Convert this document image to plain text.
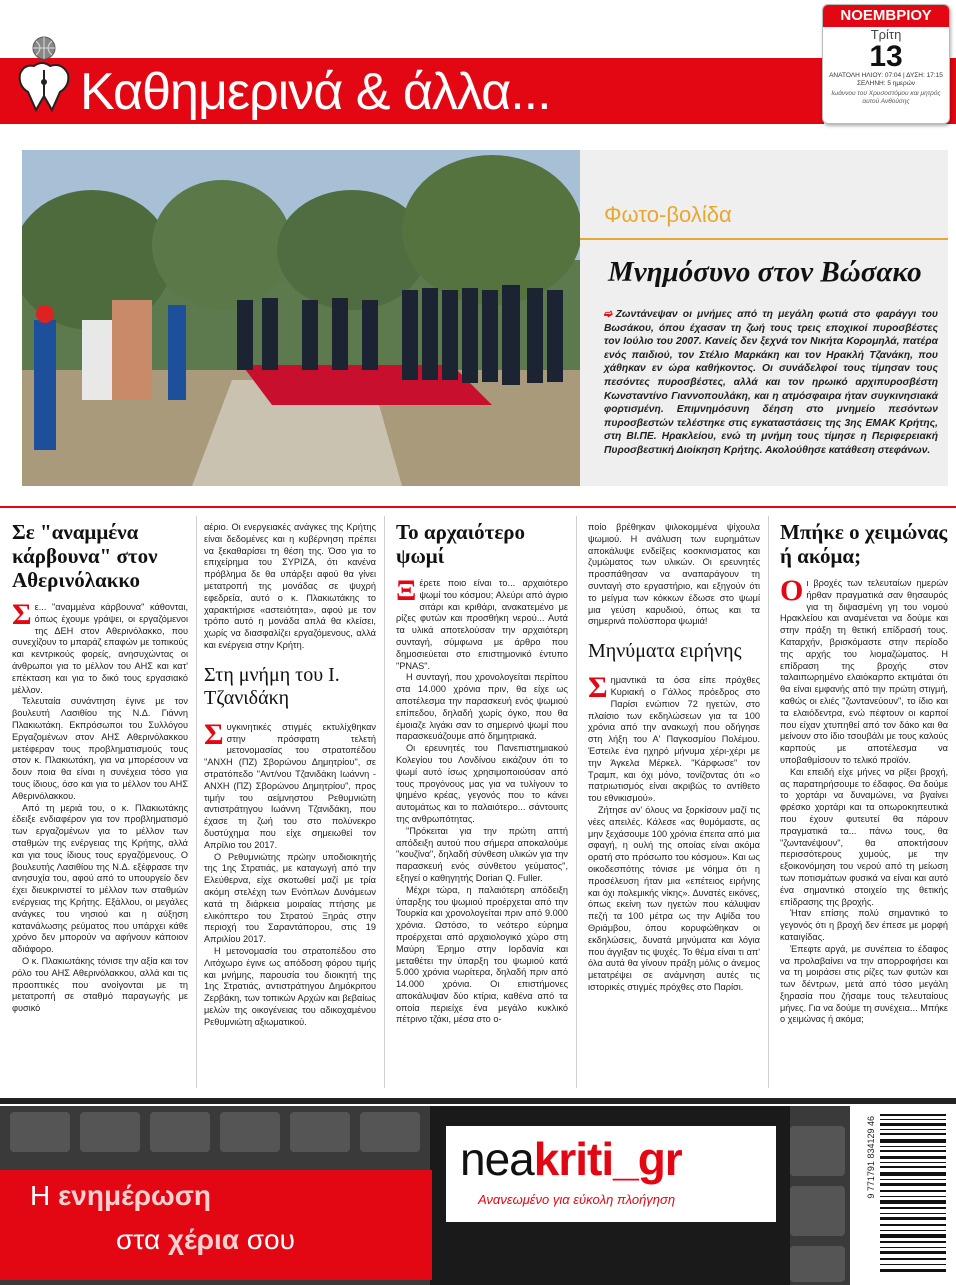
Καθημερινά & άλλα...
ΝΟΕΜΒΡΙΟΥ
Τρίτη
13
ΑΝΑΤΟΛΗ ΗΛΙΟΥ: 07:04 | ΔΥΣΗ: 17:15
ΣΕΛΗΝΗ: 5 ημερών
Ιωάννου του Χρυσοστόμου και μητρός αυτού Ανθούσης
Φωτο-βολίδα
Μνημόσυνο στον Βώσακο
➫ Ζωντάνεψαν οι μνήμες από τη μεγάλη φωτιά στο φαράγγι του Βωσάκου, όπου έχασαν τη ζωή τους τρεις εποχικοί πυροσβέστες τον Ιούλιο του 2007. Κανείς δεν ξεχνά τον Νικήτα Κορομηλά, πατέρα ενός παιδιού, τον Στέλιο Μαρκάκη και τον Ηρακλή Τζανάκη, που χάθηκαν εν ώρα καθήκοντος. Οι συνάδελφοί τους τίμησαν τους πεσόντες πυροσβέστες, αλλά και τον ηρωικό αρχιπυροσβέστη Κωνσταντίνο Γιαννοπουλάκη, και η ατμόσφαιρα ήταν συγκινησιακά φορτισμένη. Επιμνημόσυνη δέηση στο μνημείο πεσόντων πυροσβεστών τελέστηκε στις εγκαταστάσεις της 3ης ΕΜΑΚ Κρήτης, στη ΒΙ.ΠΕ. Ηρακλείου, ενώ τη μνήμη τους τίμησε η Περιφερειακή Πυροσβεστική Διοίκηση Κρήτης. Ακολούθησε κατάθεση στεφάνων.
Σε "αναμμένα κάρβουνα" στον Αθερινόλακκο

Σε... "αναμμένα κάρβουνα" κάθονται, όπως έχουμε γράψει, οι εργαζόμενοι της ΔΕΗ στον Αθερινόλακκο, που συνεχίζουν το μπαράζ επαφών με τοπικούς και κεντρικούς φορείς, ανησυχώντας οι άνθρωποι για το μέλλον του ΑΗΣ και κατ' επέκταση και για το δικό τους εργασιακό μέλλον.

Τελευταία συνάντηση έγινε με τον βουλευτή Λασιθίου της Ν.Δ. Γιάννη Πλακιωτάκη. Εκπρόσωποι του Συλλόγου Εργαζομένων στον ΑΗΣ Αθερινόλακκου μετέφεραν τους προβληματισμούς τους στον κ. Πλακιωτάκη, για να μπορέσουν να δουν ποια θα είναι η συνέχεια τόσο για τους ίδιους, όσο και για το μέλλον του ΑΗΣ Αθερινόλακκου.

Από τη μεριά του, ο κ. Πλακιωτάκης έδειξε ενδιαφέρον για τον προβληματισμό των εργαζομένων για το μέλλον των σταθμών της ενέργειας της Κρήτης, αλλά και για τους ίδιους τους εργαζόμενους. Ο βουλευτής Λασιθίου της Ν.Δ. εξέφρασε την ανησυχία του, αφού από το υπουργείο δεν έχει διευκρινιστεί το μέλλον των σταθμών ενέργειας της Κρήτης. Εξάλλου, οι μεγάλες ανάγκες του νησιού και η αύξηση κατανάλωσης ρεύματος που υπάρχει κάθε χρόνο δεν μπορούν να αφήνουν κάποιον αδιάφορο.

Ο κ. Πλακιωτάκης τόνισε την αξία και τον ρόλο του ΑΗΣ Αθερινόλακκου, αλλά και τις προοπτικές που ανοίγονται με τη μετατροπή σε σταθμό παραγωγής με φυσικό

αέριο. Οι ενεργειακές ανάγκες της Κρήτης είναι δεδομένες και η κυβέρνηση πρέπει να ξεκαθαρίσει τη θέση της. Όσο για το επιχείρημα του ΣΥΡΙΖΑ, ότι κανένα πρόβλημα δε θα υπάρξει αφού θα γίνει μετατροπή της μονάδας σε ψυχρή εφεδρεία, αυτό ο κ. Πλακιωτάκης το χαρακτήρισε «αστειότητα», αφού με τον τρόπο αυτό η μονάδα απλά θα κλείσει, χωρίς να διασφαλίζει εργαζόμενους, αλλά και ενέργεια στην Κρήτη.

Στη μνήμη του Ι. Τζανιδάκη

Συγκινητικές στιγμές εκτυλίχθηκαν στην πρόσφατη τελετή μετονομασίας του στρατοπέδου "ΑΝΧΗ (ΠΖ) Σβορώνου Δημητρίου", σε στρατόπεδο "Αντ/νου Τζανιδάκη Ιωάννη - ΑΝΧΗ (ΠΖ) Σβορώνου Δημητρίου", προς τιμήν του αείμνηστου Ρεθυμνιώτη αντιστράτηγου Ιωάννη Τζανιδάκη, που έχασε τη ζωή του στο πολύνεκρο δυστύχημα που είχε σημειωθεί τον Απρίλιο του 2017.

Ο Ρεθυμνιώτης πρώην υποδιοικητής της 1ης Στρατιάς, με καταγωγή από την Ελεύθερνα, είχε σκοτωθεί μαζί με τρία ακόμη στελέχη των Ενόπλων Δυνάμεων κατά τη διάρκεια μοιραίας πτήσης με ελικόπτερο του Στρατού Ξηράς στην περιοχή του Σαραντάπορου, στις 19 Απριλίου 2017.

Η μετονομασία του στρατοπέδου στο Λιτόχωρο έγινε ως απόδοση φόρου τιμής και μνήμης, παρουσία του διοικητή της 1ης Στρατιάς, αντιστράτηγου Δημόκριτου Ζερβάκη, των τοπικών Αρχών και βεβαίως μελών της οικογένειας του αδικοχαμένου Ρεθυμνιώτη αξιωματικού.

Το αρχαιότερο ψωμί

Ξέρετε ποιο είναι το... αρχαιότερο ψωμί του κόσμου; Αλεύρι από άγριο σιτάρι και κριθάρι, ανακατεμένο με ρίζες φυτών και προσθήκη νερού... Αυτά τα υλικά αποτελούσαν την αρχαιότερη συνταγή, σύμφωνα με άρθρο που δημοσιεύεται στο επιστημονικό έντυπο "PNAS".

Η συνταγή, που χρονολογείται περίπου στα 14.000 χρόνια πριν, θα είχε ως αποτέλεσμα την παρασκευή ενός ψωμιού επίπεδου, δηλαδή χωρίς όγκο, που θα έμοιαζε λιγάκι σαν το σημερινό ψωμί που παρασκευάζουμε από δημητριακά.

Οι ερευνητές του Πανεπιστημιακού Κολεγίου του Λονδίνου εικάζουν ότι το ψωμί αυτό ίσως χρησιμοποιούσαν από τους προγόνους μας για να τυλίγουν το ψημένο κρέας, γεγονός που το κάνει αυτομάτως και το παλαιότερο... σάντουιτς της ανθρωπότητας.

"Πρόκειται για την πρώτη απτή απόδειξη αυτού που σήμερα αποκαλούμε "κουζίνα", δηλαδή σύνθεση υλικών για την παρασκευή ενός σύνθετου γεύματος", εξηγεί ο καθηγητής Dorian Q. Fuller.

Μέχρι τώρα, η παλαιότερη απόδειξη ύπαρξης του ψωμιού προέρχεται από την Τουρκία και χρονολογείται πριν από 9.000 χρόνια. Ωστόσο, το νεότερο εύρημα προέρχεται από αρχαιολογικό χώρο στη Μαύρη Έρημο στην Ιορδανία και μεταθέτει την ύπαρξη του ψωμιού κατά 5.000 χρόνια νωρίτερα, δηλαδή πριν από 14.000 χρόνια. Οι επιστήμονες αποκάλυψαν δύο κτίρια, καθένα από τα οποία περιείχε ένα μεγάλο κυκλικό πέτρινο τζάκι, μέσα στο ο-

ποίο βρέθηκαν ψιλοκομμένα ψίχουλα ψωμιού. Η ανάλυση των ευρημάτων αποκάλυψε ενδείξεις κοσκινισματος και ζυμώματος των υλικών. Οι ερευνητές προσπάθησαν να αναπαράγουν τη συνταγή στο εργαστήριο, και εξηγούν ότι το μείγμα των κόκκων έδωσε στο ψωμί μια γεύση καρυδιού, όπως και τα σημερινά πολύσπορα ψωμιά!

Μηνύματα ειρήνης

Σημαντικά τα όσα είπε πρόχθες Κυριακή ο Γάλλος πρόεδρος στο Παρίσι ενώπιον 72 ηγετών, στο πλαίσιο των εκδηλώσεων για τα 100 χρόνια από την ανακωχή που οδήγησε στη λήξη του Α' Παγκοσμίου Πολέμου. Έστειλε ένα ηχηρό μήνυμα χέρι-χέρι με την Άγκελα Μέρκελ. "Κάρφωσε" τον Τραμπ, και όχι μόνο, τονίζοντας ότι «ο πατριωτισμός είναι ακριβώς το αντίθετο του εθνικισμού».

Ζήτησε αν' όλους να ξορκίσουν μαζί τις νέες απειλές. Κάλεσε «ας θυμόμαστε, ας μην ξεχάσουμε 100 χρόνια έπειτα από μια σφαγή, η ουλή της οποίας είναι ακόμα ορατή στο πρόσωπο του κόσμου». Και ως οικοδεσπότης τόνισε με νόημα ότι η προσέλευση ήταν μια «επέτειος ειρήνης και όχι πολεμικής νίκης». Δυνατές εικόνες, όπως εκείνη των ηγετών που κάλυψαν πεζή τα 100 μέτρα ως την Αψίδα του Θριάμβου, όπου κορυφώθηκαν οι εκδηλώσεις, δυνατά μηνύματα και λόγια που άγγιξαν τις ψυχές. Το θέμα είναι τι απ' όλα αυτά θα γίνουν πράξη μόλις ο άνεμος μετατρέψει σε ανάμνηση αυτές τις ιστορικές στιγμές πρόχθες στο Παρίσι.

Μπήκε ο χειμώνας ή ακόμα;

Οι βροχές των τελευταίων ημερών ήρθαν πραγματικά σαν θησαυρός για τη διψασμένη γη του νομού Ηρακλείου και αναμένεται να δούμε και στην πράξη τη θετική επίδρασή τους. Καταρχήν, βρισκόμαστε στην περίοδο της αρχής του λιομαζώματος. Η επίδραση της βροχής στον ταλαιπωρημένο ελαιόκαρπο εκτιμάται ότι θα είναι εμφανής από την πρώτη στιγμή, καθώς οι ελιές "ζωντανεύουν", το ίδιο και τα ελαιόδεντρα, ενώ πέφτουν οι καρποί που είχαν χτυπηθεί από τον δάκο και θα μείνουν στο ίδιο τσουβάλι με τους καλούς καρπούς με αποτέλεσμα να υποβαθμίσουν το τελικό προϊόν.

Και επειδή είχε μήνες να ρίξει βροχή, ας παρατηρήσουμε το έδαφος. Θα δούμε το χορτάρι να δυναμώνει, να βγαίνει φρέσκο χορτάρι και τα οπωροκηπευτικά που έχουν φυτευτεί θα πάρουν πραγματικά τα... πάνω τους, θα "ζωντανέψουν", θα αποκτήσουν περισσότερους χυμούς, με την εξοικονόμηση του νερού από τη μείωση των ποτισμάτων φυσικά να είναι και αυτό ένα σημαντικό στοιχείο της θετικής επίδρασης της βροχής.

Ήταν επίσης πολύ σημαντικό το γεγονός ότι η βροχή δεν έπεσε με μορφή καταιγίδας.

Έπεφτε αργά, με συνέπεια το έδαφος να προλαβαίνει να την απορροφήσει και να τη μοιράσει στις ρίζες των φυτών και των δέντρων, μετά από τόσο μεγάλη ξηρασία που ζήσαμε τους τελευταίους μήνες. Για να δούμε τη συνέχεια... Μπήκε ο χειμώνας ή ακόμα;

Η ενημέρωση
στα χέρια σου
neakriti_gr
Ανανεωμένο για εύκολη πλοήγηση
9 771791 834129 46
